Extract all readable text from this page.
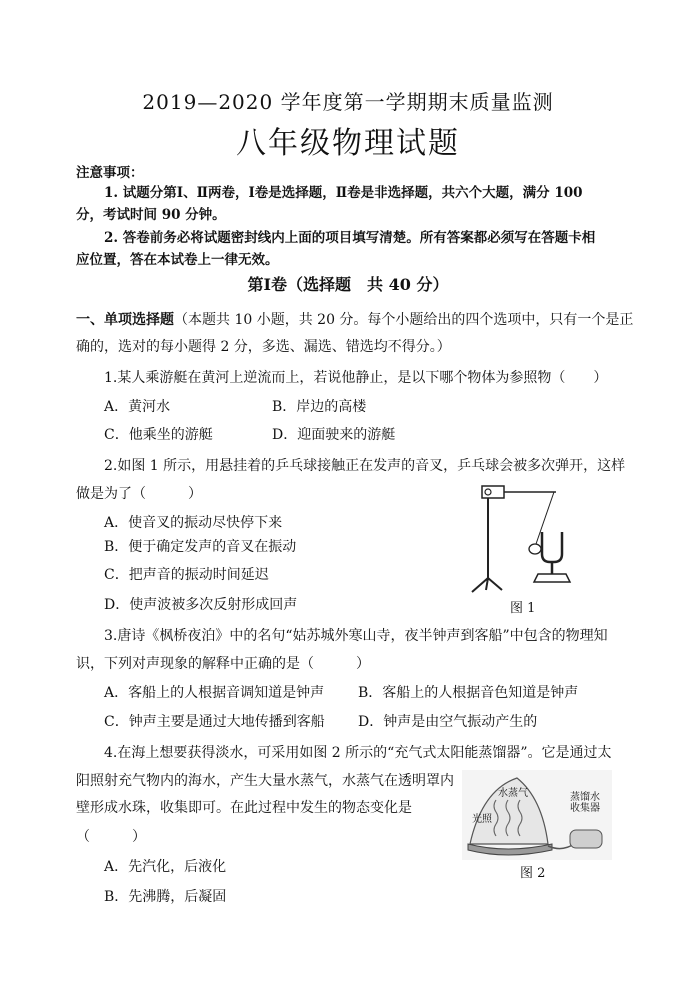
2019—2020 学年度第一学期期末质量监测
八年级物理试题
注意事项：
1. 试题分第Ⅰ、Ⅱ两卷，Ⅰ卷是选择题，Ⅱ卷是非选择题，共六个大题，满分 100
分，考试时间 90 分钟。
2. 答卷前务必将试题密封线内上面的项目填写清楚。所有答案都必须写在答题卡相
应位置，答在本试卷上一律无效。
第Ⅰ卷（选择题　共 40 分）
一、单项选择题（本题共 10 小题，共 20 分。每个小题给出的四个选项中，只有一个是正
确的，选对的每小题得 2 分，多选、漏选、错选均不得分。）
1.某人乘游艇在黄河上逆流而上，若说他静止，是以下哪个物体为参照物（　　）
A．黄河水	B．岸边的高楼
C．他乘坐的游艇	D．迎面驶来的游艇
2.如图 1 所示，用悬挂着的乒乓球接触正在发声的音叉，乒乓球会被多次弹开，这样
做是为了（　　　）
A．使音叉的振动尽快停下来
B．便于确定发声的音叉在振动
C．把声音的振动时间延迟
D．使声波被多次反射形成回声	图 1
3.唐诗《枫桥夜泊》中的名句“姑苏城外寒山寺，夜半钟声到客船”中包含的物理知
识，下列对声现象的解释中正确的是（　　　）
A．客船上的人根据音调知道是钟声 B．客船上的人根据音色知道是钟声
C．钟声主要是通过大地传播到客船 D．钟声是由空气振动产生的
4.在海上想要获得淡水，可采用如图 2 所示的“充气式太阳能蒸馏器”。它是通过太
阳照射充气物内的海水，产生大量水蒸气，水蒸气在透明罩内
壁形成水珠，收集即可。在此过程中发生的物态变化是
（　　　）
A．先汽化，后液化
B．先沸腾，后凝固
水蒸气
光照
蒸馏水
收集器
图 2
